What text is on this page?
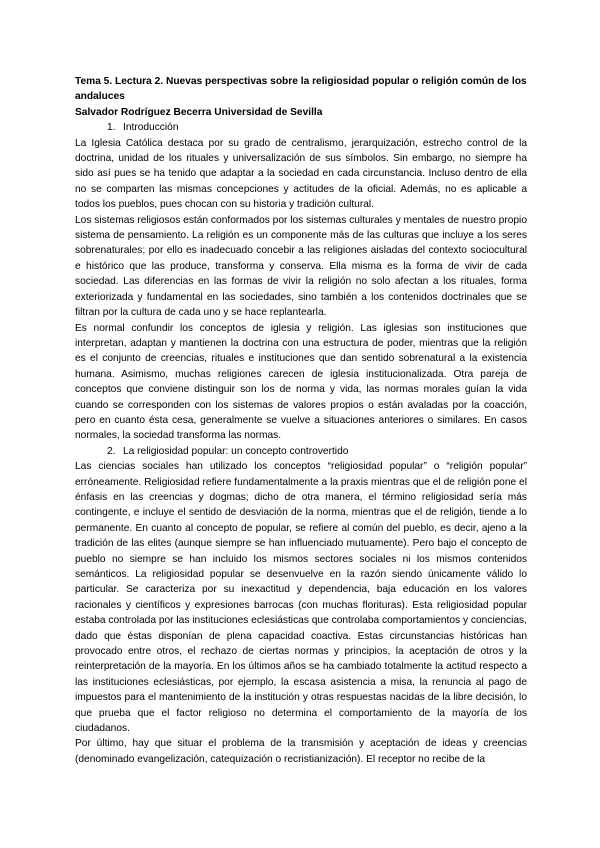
Tema 5. Lectura 2. Nuevas perspectivas sobre la religiosidad popular o religión común de los andaluces
Salvador Rodríguez Becerra Universidad de Sevilla
1. Introducción

La Iglesia Católica destaca por su grado de centralismo, jerarquización, estrecho control de la doctrina, unidad de los rituales y universalización de sus símbolos. Sin embargo, no siempre ha sido así pues se ha tenido que adaptar a la sociedad en cada circunstancia. Incluso dentro de ella no se comparten las mismas concepciones y actitudes de la oficial. Además, no es aplicable a todos los pueblos, pues chocan con su historia y tradición cultural.

Los sistemas religiosos están conformados por los sistemas culturales y mentales de nuestro propio sistema de pensamiento. La religión es un componente más de las culturas que incluye a los seres sobrenaturales; por ello es inadecuado concebir a las religiones aisladas del contexto sociocultural e histórico que las produce, transforma y conserva. Ella misma es la forma de vivir de cada sociedad. Las diferencias en las formas de vivir la religión no solo afectan a los rituales, forma exteriorizada y fundamental en las sociedades, sino también a los contenidos doctrinales que se filtran por la cultura de cada uno y se hace replantearla.

Es normal confundir los conceptos de iglesia y religión. Las iglesias son instituciones que interpretan, adaptan y mantienen la doctrina con una estructura de poder, mientras que la religión es el conjunto de creencias, rituales e instituciones que dan sentido sobrenatural a la existencia humana. Asimismo, muchas religiones carecen de iglesia institucionalizada. Otra pareja de conceptos que conviene distinguir son los de norma y vida, las normas morales guían la vida cuando se corresponden con los sistemas de valores propios o están avaladas por la coacción, pero en cuanto ésta cesa, generalmente se vuelve a situaciones anteriores o similares. En casos normales, la sociedad transforma las normas.

2. La religiosidad popular: un concepto controvertido

Las ciencias sociales han utilizado los conceptos “religiosidad popular” o “religión popular” erróneamente. Religiosidad refiere fundamentalmente a la praxis mientras que el de religión pone el énfasis en las creencias y dogmas; dicho de otra manera, el término religiosidad sería más contingente, e incluye el sentido de desviación de la norma, mientras que el de religión, tiende a lo permanente. En cuanto al concepto de popular, se refiere al común del pueblo, es decir, ajeno a la tradición de las elites (aunque siempre se han influenciado mutuamente). Pero bajo el concepto de pueblo no siempre se han incluido los mismos sectores sociales ni los mismos contenidos semánticos. La religiosidad popular se desenvuelve en la razón siendo únicamente válido lo particular. Se caracteriza por su inexactitud y dependencia, baja educación en los valores racionales y científicos y expresiones barrocas (con muchas florituras). Esta religiosidad popular estaba controlada por las instituciones eclesiásticas que controlaba comportamientos y conciencias, dado que éstas disponían de plena capacidad coactiva. Estas circunstancias históricas han provocado entre otros, el rechazo de ciertas normas y principios, la aceptación de otros y la reinterpretación de la mayoría. En los últimos años se ha cambiado totalmente la actitud respecto a las instituciones eclesiásticas, por ejemplo, la escasa asistencia a misa, la renuncia al pago de impuestos para el mantenimiento de la institución y otras respuestas nacidas de la libre decisión, lo que prueba que el factor religioso no determina el comportamiento de la mayoría de los ciudadanos.

Por último, hay que situar el problema de la transmisión y aceptación de ideas y creencias (denominado evangelización, catequización o recristianización). El receptor no recibe de la
